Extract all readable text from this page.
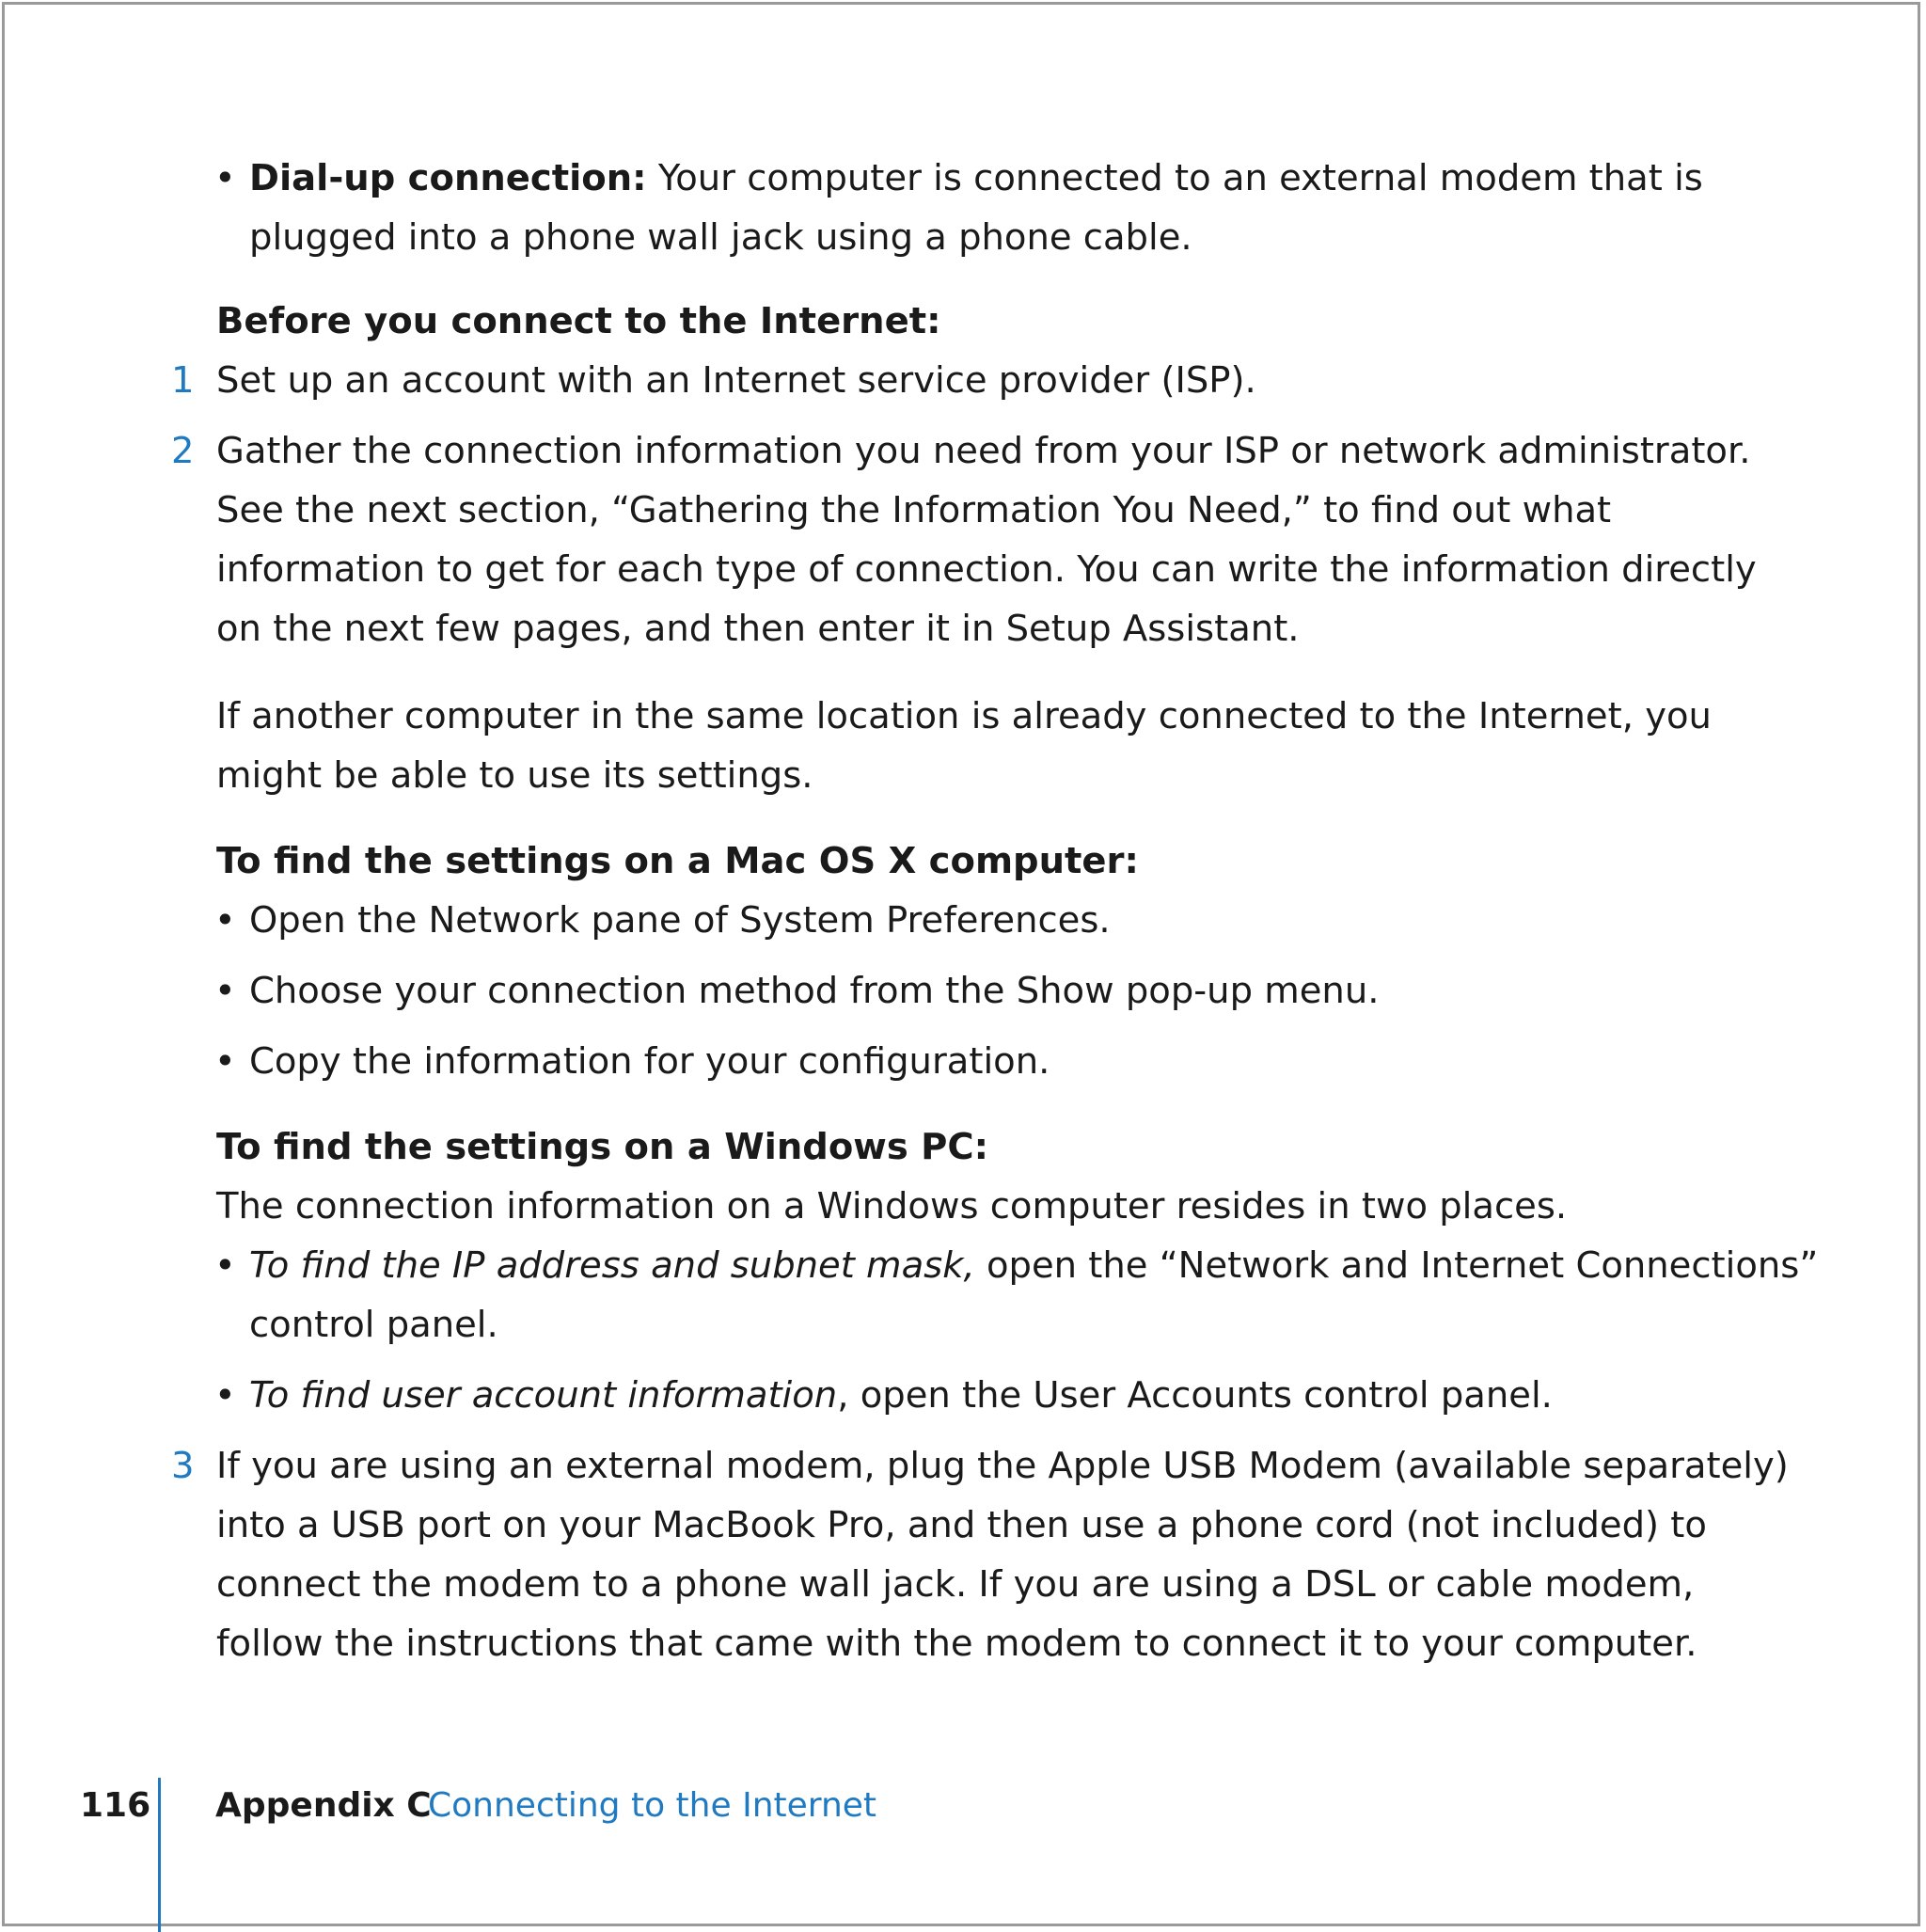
• Dial-up connection: Your computer is connected to an external modem that is
plugged into a phone wall jack using a phone cable.
Before you connect to the Internet:
1 Set up an account with an Internet service provider (ISP).
2 Gather the connection information you need from your ISP or network administrator.
See the next section, “Gathering the Information You Need,” to find out what
information to get for each type of connection. You can write the information directly
on the next few pages, and then enter it in Setup Assistant.
If another computer in the same location is already connected to the Internet, you
might be able to use its settings.
To find the settings on a Mac OS X computer:
• Open the Network pane of System Preferences.
• Choose your connection method from the Show pop-up menu.
• Copy the information for your configuration.
To find the settings on a Windows PC:
The connection information on a Windows computer resides in two places.
• To find the IP address and subnet mask, open the “Network and Internet Connections”
control panel.
• To find user account information, open the User Accounts control panel.
3 If you are using an external modem, plug the Apple USB Modem (available separately)
into a USB port on your MacBook Pro, and then use a phone cord (not included) to
connect the modem to a phone wall jack. If you are using a DSL or cable modem,
follow the instructions that came with the modem to connect it to your computer.
116 Appendix C
Connecting to the Internet
